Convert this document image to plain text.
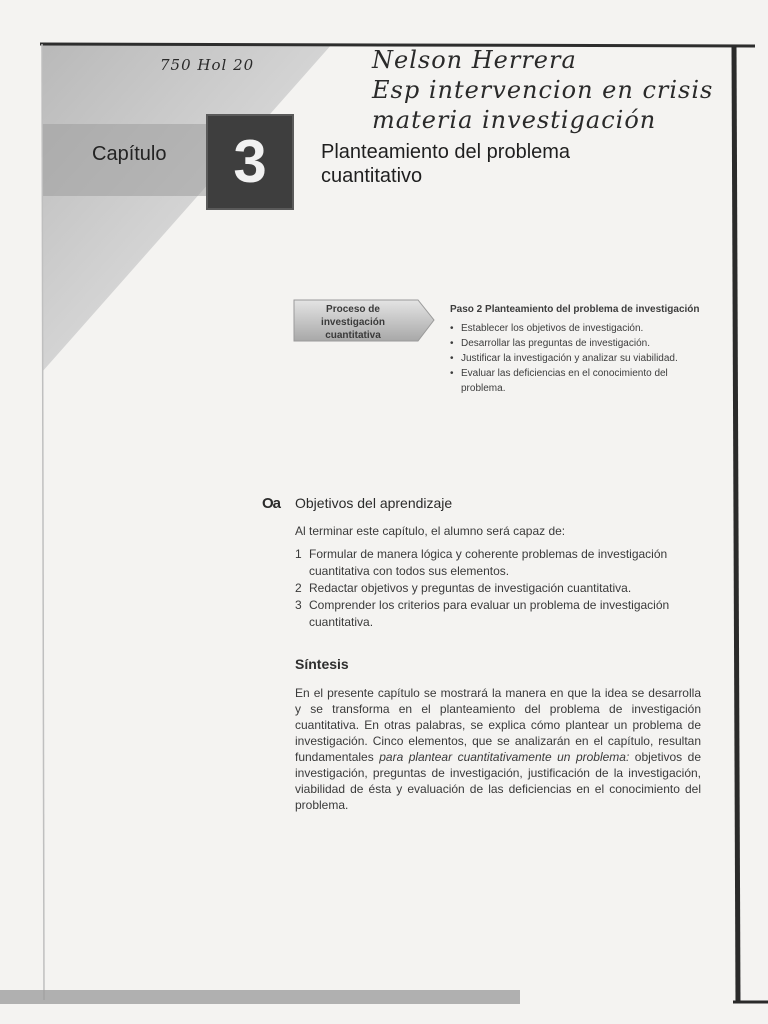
750 Hol 20	Nelson Herrera
Esp intervencion en crisis
materia investigación
Capítulo 3	Planteamiento del problema
cuantitativo
Proceso de investigación cuantitativa
Paso 2 Planteamiento del problema de investigación
• Establecer los objetivos de investigación.
• Desarrollar las preguntas de investigación.
• Justificar la investigación y analizar su viabilidad.
• Evaluar las deficiencias en el conocimiento del problema.
Oa Objetivos del aprendizaje
Al terminar este capítulo, el alumno será capaz de:
1 Formular de manera lógica y coherente problemas de investigación cuantitativa con todos sus elementos.
2 Redactar objetivos y preguntas de investigación cuantitativa.
3 Comprender los criterios para evaluar un problema de investigación cuantitativa.
Síntesis

En el presente capítulo se mostrará la manera en que la idea se desarrolla y se transforma en el planteamiento del problema de investigación cuantitativa. En otras palabras, se explica cómo plantear un problema de investigación. Cinco elementos, que se analizarán en el capítulo, resultan fundamentales para plantear cuantitativamente un problema: objetivos de investigación, preguntas de investigación, justificación de la investigación, viabilidad de ésta y evaluación de las deficiencias en el conocimiento del problema.
